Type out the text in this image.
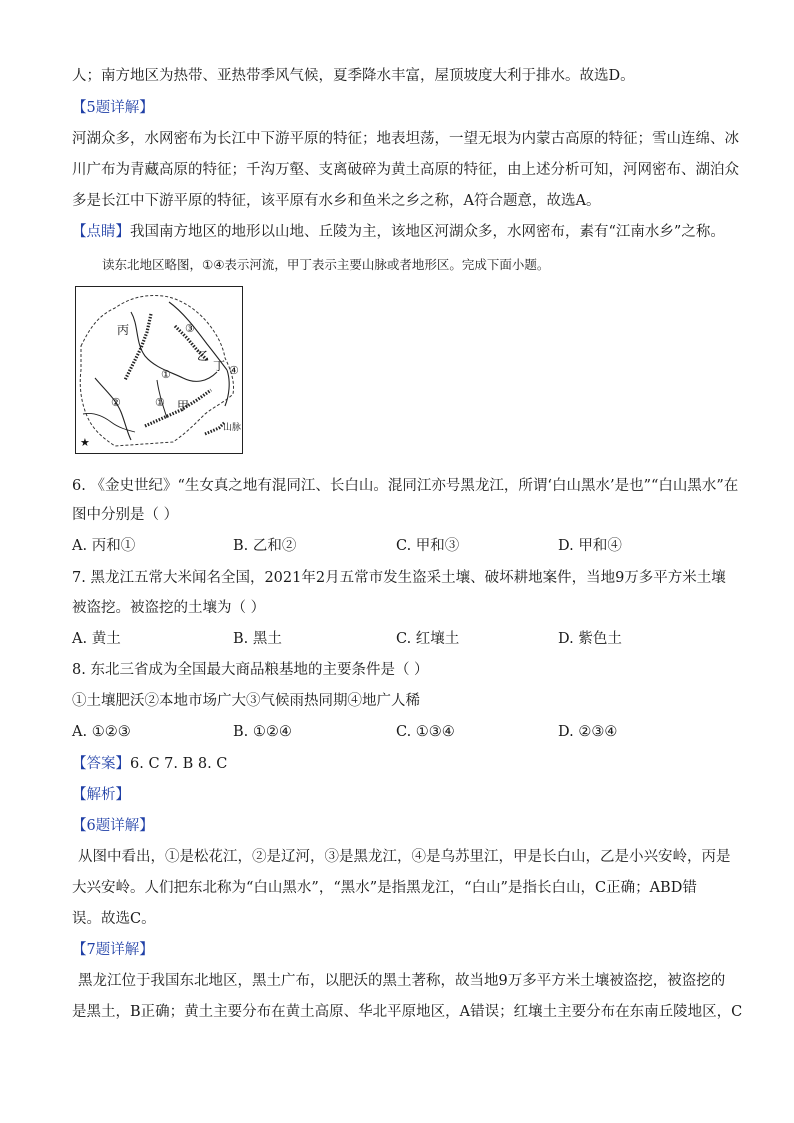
人；南方地区为热带、亚热带季风气候，夏季降水丰富，屋顶坡度大利于排水。故选D。
【5题详解】
河湖众多，水网密布为长江中下游平原的特征；地表坦荡，一望无垠为内蒙古高原的特征；雪山连绵、冰
川广布为青藏高原的特征；千沟万壑、支离破碎为黄土高原的特征，由上述分析可知，河网密布、湖泊众
多是长江中下游平原的特征，该平原有水乡和鱼米之乡之称，A符合题意，故选A。
【点睛】我国南方地区的地形以山地、丘陵为主，该地区河湖众多，水网密布，素有“江南水乡”之称。
读东北地区略图，①④表示河流，甲丁表示主要山脉或者地形区。完成下面小题。
★
丙
乙
甲
丁
③
①
①
②
④
山脉
6. 《金史世纪》“生女真之地有混同江、长白山。混同江亦号黑龙江，所谓‘白山黑水’是也”“白山黑水”在
图中分别是（ ）
A. 丙和①	B. 乙和②	C. 甲和③	D. 甲和④
7. 黑龙江五常大米闻名全国，2021年2月五常市发生盗采土壤、破坏耕地案件，当地9万多平方米土壤
被盗挖。被盗挖的土壤为（ ）
A. 黄土	B. 黑土	C. 红壤土	D. 紫色土
8. 东北三省成为全国最大商品粮基地的主要条件是（ ）
①土壤肥沃②本地市场广大③气候雨热同期④地广人稀
A. ①②③	B. ①②④	C. ①③④	D. ②③④
【答案】6. C 7. B 8. C
【解析】
【6题详解】
从图中看出，①是松花江，②是辽河，③是黑龙江，④是乌苏里江，甲是长白山，乙是小兴安岭，丙是
大兴安岭。人们把东北称为“白山黑水”，“黑水”是指黑龙江，“白山”是指长白山，C正确；ABD错
误。故选C。
【7题详解】
黑龙江位于我国东北地区，黑土广布，以肥沃的黑土著称，故当地9万多平方米土壤被盗挖，被盗挖的
是黑土，B正确；黄土主要分布在黄土高原、华北平原地区，A错误；红壤土主要分布在东南丘陵地区，C
